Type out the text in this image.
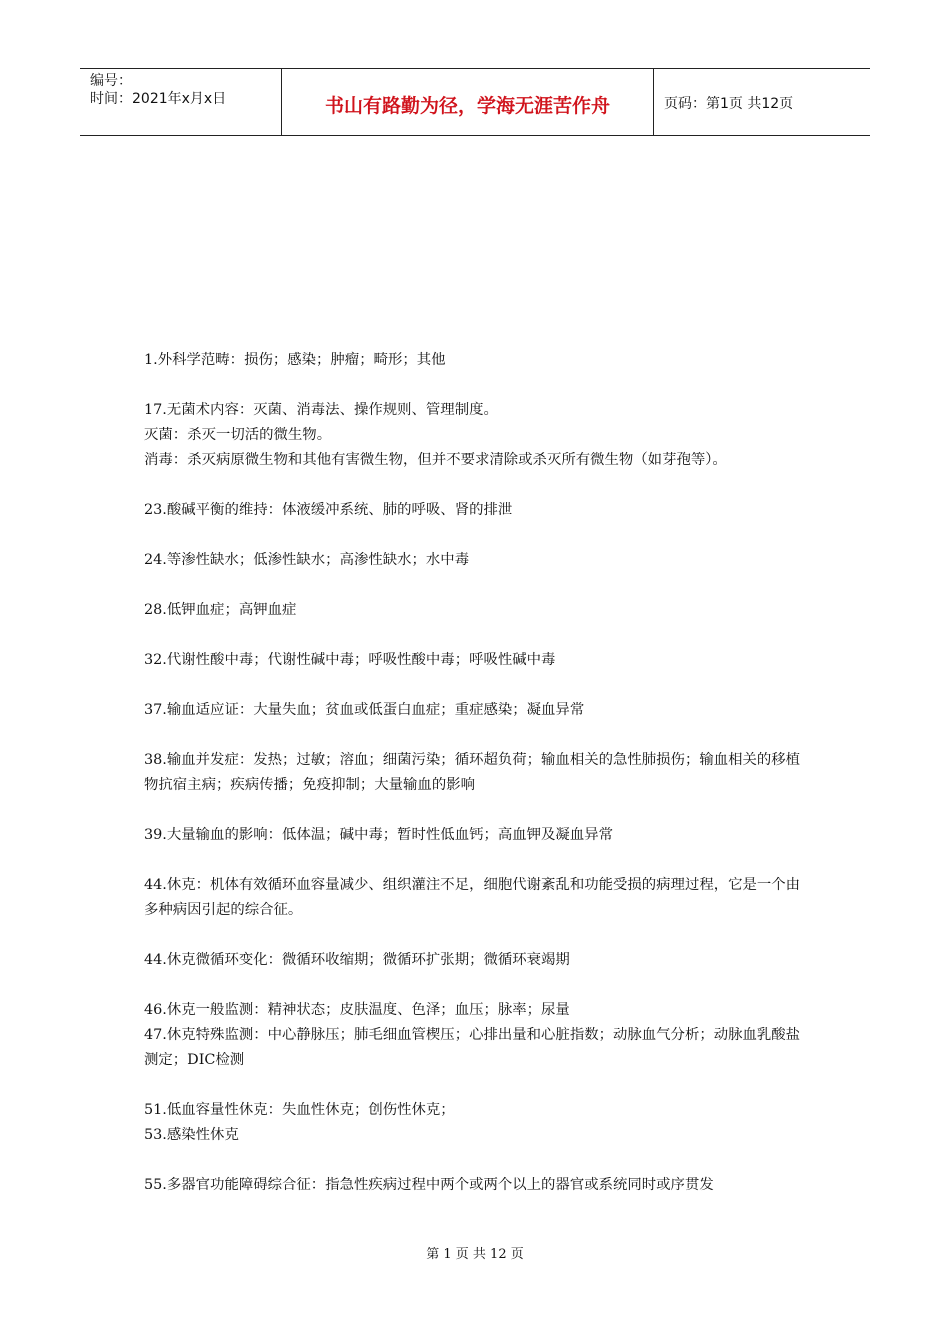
编号：
时间：2021年x月x日	书山有路勤为径，学海无涯苦作舟	页码：第1页 共12页

1.外科学范畴：损伤；感染；肿瘤；畸形；其他

17.无菌术内容：灭菌、消毒法、操作规则、管理制度。

灭菌：杀灭一切活的微生物。

消毒：杀灭病原微生物和其他有害微生物，但并不要求清除或杀灭所有微生物（如芽孢等）。

23.酸碱平衡的维持：体液缓冲系统、肺的呼吸、肾的排泄

24.等渗性缺水；低渗性缺水；高渗性缺水；水中毒

28.低钾血症；高钾血症

32.代谢性酸中毒；代谢性碱中毒；呼吸性酸中毒；呼吸性碱中毒

37.输血适应证：大量失血；贫血或低蛋白血症；重症感染；凝血异常

38.输血并发症：发热；过敏；溶血；细菌污染；循环超负荷；输血相关的急性肺损伤；输血相关的移植物抗宿主病；疾病传播；免疫抑制；大量输血的影响

39.大量输血的影响：低体温；碱中毒；暂时性低血钙；高血钾及凝血异常

44.休克：机体有效循环血容量减少、组织灌注不足，细胞代谢紊乱和功能受损的病理过程，它是一个由多种病因引起的综合征。

44.休克微循环变化：微循环收缩期；微循环扩张期；微循环衰竭期

46.休克一般监测：精神状态；皮肤温度、色泽；血压；脉率；尿量

47.休克特殊监测：中心静脉压；肺毛细血管楔压；心排出量和心脏指数；动脉血气分析；动脉血乳酸盐测定；DIC检测

51.低血容量性休克：失血性休克；创伤性休克；

53.感染性休克

55.多器官功能障碍综合征：指急性疾病过程中两个或两个以上的器官或系统同时或序贯发

第 1 页 共 12 页
